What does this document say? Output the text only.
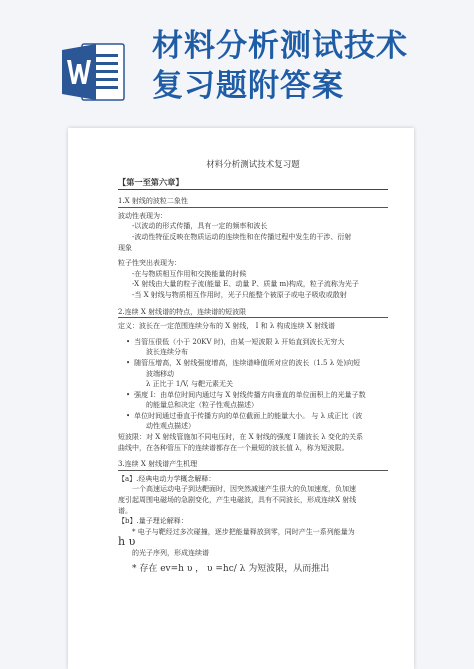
材料分析测试技术
复习题附答案
材料分析测试技术复习题
【第一至第六章】
1.X 射线的波粒二象性
波动性表现为：
-以波动的形式传播，具有一定的频率和波长
-波动性特征反映在物质运动的连续性和在传播过程中发生的干涉、衍射
现象
粒子性突出表现为：
-在与物质相互作用和交换能量的时候
-X 射线由大量的粒子流(能量 E、动量 P、质量 m)构成，粒子流称为光子
-当 X 射线与物质相互作用时，光子只能整个被原子或电子吸收或散射
2.连续 X 射线谱的特点，连续谱的短波限
定义：波长在一定范围连续分布的 X 射线， I 和 λ 构成连续 X 射线谱
• 当管压很低（小于 20KV 时)，由某一短波限 λ 开始直到波长无穷大
波长连续分布
• 随管压增高，X 射线强度增高，连续谱峰值所对应的波长（1.5 λ 处)向短
波端移动
λ 正比于 1/V, 与靶元素无关
• 强度 I：由单位时间内通过与 X 射线传播方向垂直的单位面积上的光量子数
的能量总和决定（粒子性观点描述）
• 单位时间通过垂直于传播方向的单位截面上的能量大小。 与 λ 成正比（波
动性观点描述）
短波限：对 X 射线管施加不同电压时，在 X 射线的强度 I 随波长 λ 变化的关系
曲线中，在各种管压下的连续谱都存在一个最短的波长值 λ，称为短波限。
3.连续 X 射线谱产生机理
【a】.经典电动力学概念解释：
一个高速运动电子到达靶面时，因突然减速产生很大的负加速度，负加速
度引起周围电磁场的急剧变化，产生电磁波，具有不同波长，形成连续X 射线
谱。
【b】.量子理论解释：
* 电子与靶经过多次碰撞，逐步把能量释放到零，同时产生一系列能量为
h υ
的光子序列，形成连续谱
* 存在 ev=h υ ， υ =hc/ λ 为短波限，从而推出
